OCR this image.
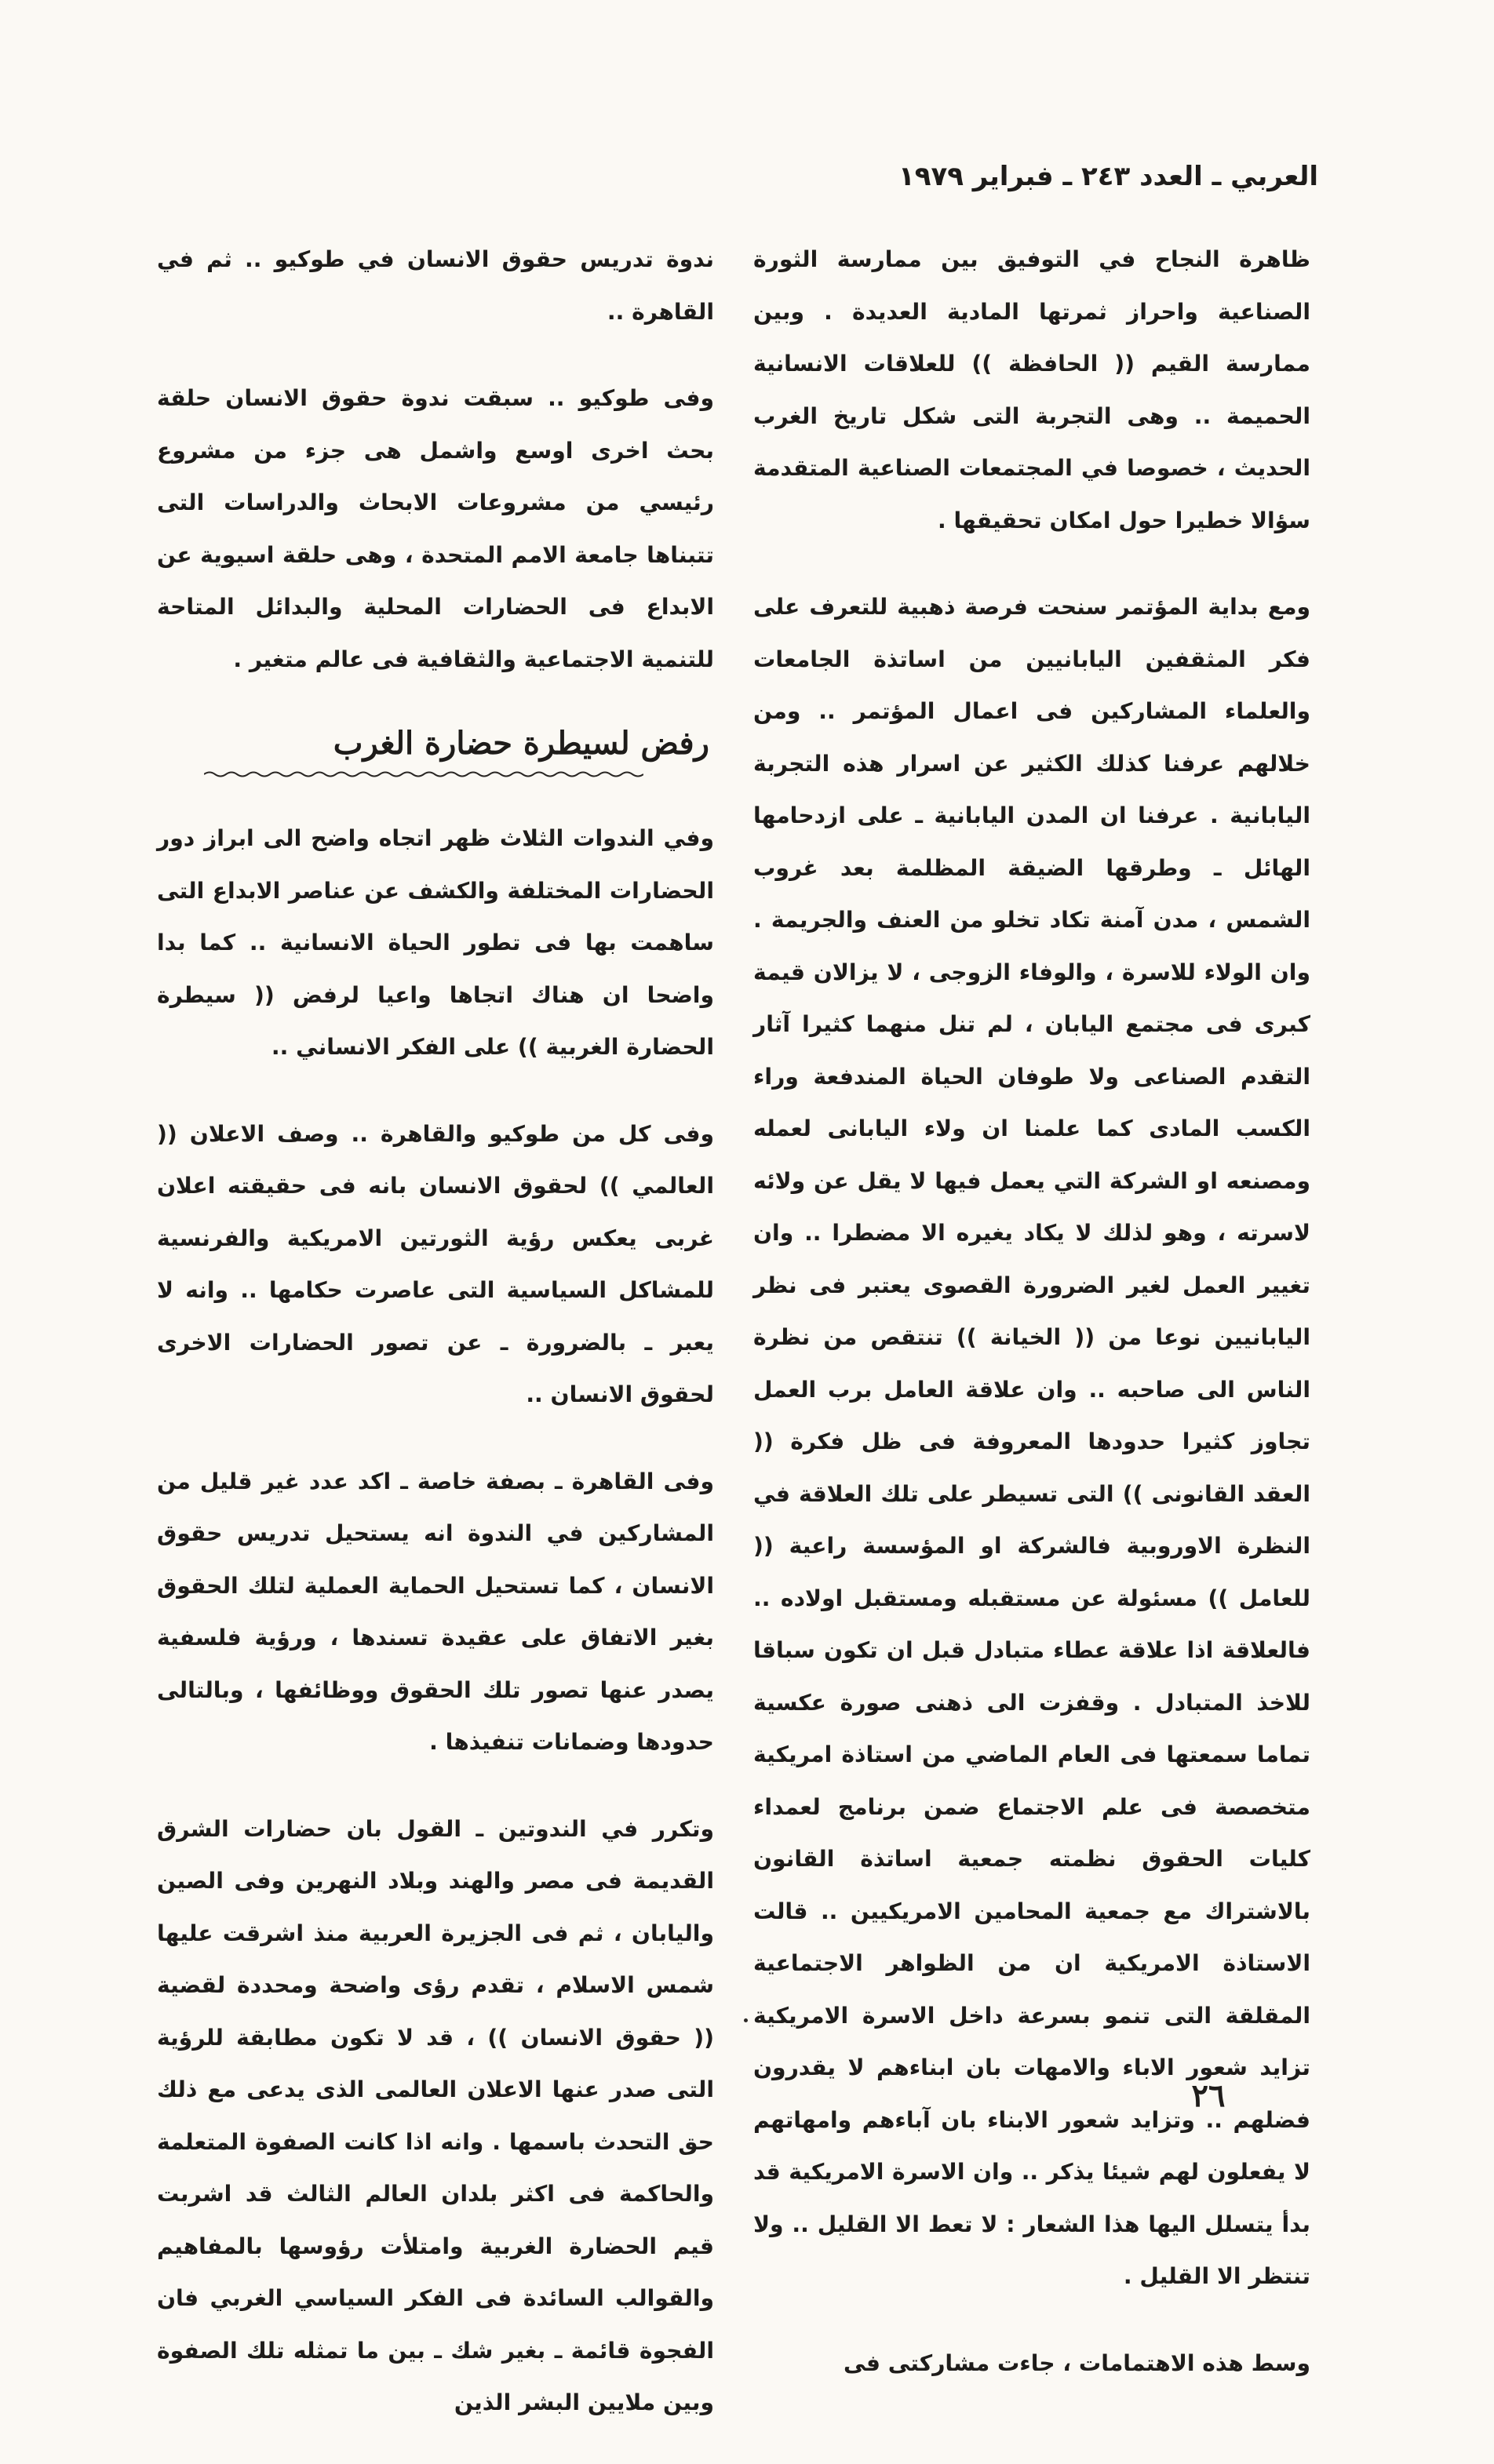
العربي ـ العدد ٢٤٣ ـ فبراير ١٩٧٩

ظاهرة النجاح في التوفيق بين ممارسة الثورة الصناعية واحراز ثمرتها المادية العديدة . وبين ممارسة القيم (( الحافظة )) للعلاقات الانسانية الحميمة .. وهى التجربة التى شكل تاريخ الغرب الحديث ، خصوصا في المجتمعات الصناعية المتقدمة سؤالا خطيرا حول امكان تحقيقها .

ومع بداية المؤتمر سنحت فرصة ذهبية للتعرف على فكر المثقفين اليابانيين من اساتذة الجامعات والعلماء المشاركين فى اعمال المؤتمر .. ومن خلالهم عرفنا كذلك الكثير عن اسرار هذه التجربة اليابانية . عرفنا ان المدن اليابانية ـ على ازدحامها الهائل ـ وطرقها الضيقة المظلمة بعد غروب الشمس ، مدن آمنة تكاد تخلو من العنف والجريمة . وان الولاء للاسرة ، والوفاء الزوجى ، لا يزالان قيمة كبرى فى مجتمع اليابان ، لم تنل منهما كثيرا آثار التقدم الصناعى ولا طوفان الحياة المندفعة وراء الكسب المادى كما علمنا ان ولاء اليابانى لعمله ومصنعه او الشركة التي يعمل فيها لا يقل عن ولائه لاسرته ، وهو لذلك لا يكاد يغيره الا مضطرا .. وان تغيير العمل لغير الضرورة القصوى يعتبر فى نظر اليابانيين نوعا من (( الخيانة )) تنتقص من نظرة الناس الى صاحبه .. وان علاقة العامل برب العمل تجاوز كثيرا حدودها المعروفة فى ظل فكرة (( العقد القانونى )) التى تسيطر على تلك العلاقة في النظرة الاوروبية فالشركة او المؤسسة راعية (( للعامل )) مسئولة عن مستقبله ومستقبل اولاده .. فالعلاقة اذا علاقة عطاء متبادل قبل ان تكون سباقا للاخذ المتبادل . وقفزت الى ذهنى صورة عكسية تماما سمعتها فى العام الماضي من استاذة امريكية متخصصة فى علم الاجتماع ضمن برنامج لعمداء كليات الحقوق نظمته جمعية اساتذة القانون بالاشتراك مع جمعية المحامين الامريكيين .. قالت الاستاذة الامريكية ان من الظواهر الاجتماعية المقلقة التى تنمو بسرعة داخل الاسرة الامريكية تزايد شعور الاباء والامهات بان ابناءهم لا يقدرون فضلهم .. وتزايد شعور الابناء بان آباءهم وامهاتهم لا يفعلون لهم شيئا يذكر .. وان الاسرة الامريكية قد بدأ يتسلل اليها هذا الشعار : لا تعط الا القليل .. ولا تنتظر الا القليل .

وسط هذه الاهتمامات ، جاءت مشاركتى فى

ندوة تدريس حقوق الانسان في طوكيو .. ثم في القاهرة ..

وفى طوكيو .. سبقت ندوة حقوق الانسان حلقة بحث اخرى اوسع واشمل هى جزء من مشروع رئيسي من مشروعات الابحاث والدراسات التى تتبناها جامعة الامم المتحدة ، وهى حلقة اسيوية عن الابداع فى الحضارات المحلية والبدائل المتاحة للتنمية الاجتماعية والثقافية فى عالم متغير .

رفض لسيطرة حضارة الغرب

وفي الندوات الثلاث ظهر اتجاه واضح الى ابراز دور الحضارات المختلفة والكشف عن عناصر الابداع التى ساهمت بها فى تطور الحياة الانسانية .. كما بدا واضحا ان هناك اتجاها واعيا لرفض (( سيطرة الحضارة الغربية )) على الفكر الانساني ..

وفى كل من طوكيو والقاهرة .. وصف الاعلان (( العالمي )) لحقوق الانسان بانه فى حقيقته اعلان غربى يعكس رؤية الثورتين الامريكية والفرنسية للمشاكل السياسية التى عاصرت حكامها .. وانه لا يعبر ـ بالضرورة ـ عن تصور الحضارات الاخرى لحقوق الانسان ..

وفى القاهرة ـ بصفة خاصة ـ اكد عدد غير قليل من المشاركين في الندوة انه يستحيل تدريس حقوق الانسان ، كما تستحيل الحماية العملية لتلك الحقوق بغير الاتفاق على عقيدة تسندها ، ورؤية فلسفية يصدر عنها تصور تلك الحقوق ووظائفها ، وبالتالى حدودها وضمانات تنفيذها .

وتكرر في الندوتين ـ القول بان حضارات الشرق القديمة فى مصر والهند وبلاد النهرين وفى الصين واليابان ، ثم فى الجزيرة العربية منذ اشرقت عليها شمس الاسلام ، تقدم رؤى واضحة ومحددة لقضية (( حقوق الانسان )) ، قد لا تكون مطابقة للرؤية التى صدر عنها الاعلان العالمى الذى يدعى مع ذلك حق التحدث باسمها . وانه اذا كانت الصفوة المتعلمة والحاكمة فى اكثر بلدان العالم الثالث قد اشربت قيم الحضارة الغربية وامتلأت رؤوسها بالمفاهيم والقوالب السائدة فى الفكر السياسي الغربي فان الفجوة قائمة ـ بغير شك ـ بين ما تمثله تلك الصفوة وبين ملايين البشر الذين

٢٦
